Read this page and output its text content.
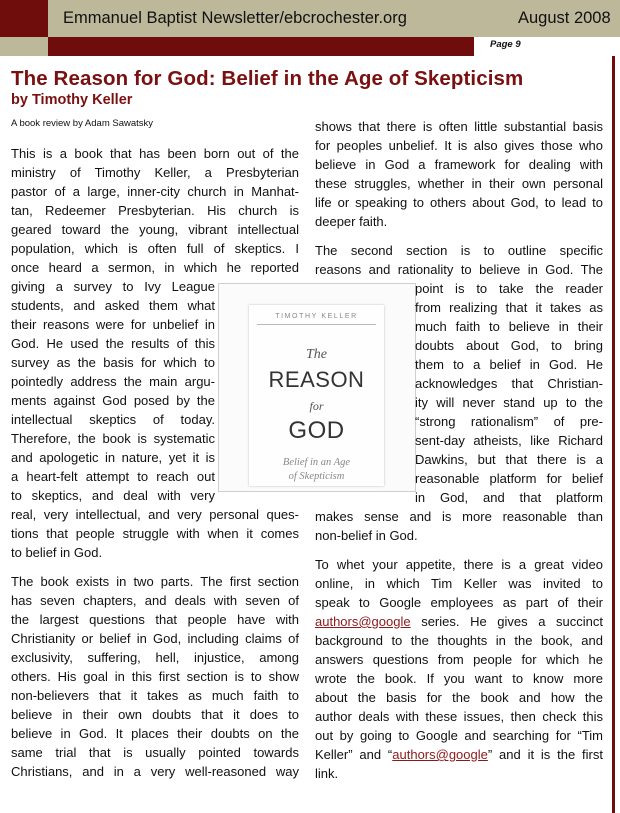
Emmanuel Baptist Newsletter/ebcrochester.org	August 2008
Page 9
The Reason for God: Belief in the Age of Skepticism
by Timothy Keller
A book review by Adam Sawatsky

This is a book that has been born out of the

ministry of Timothy Keller, a Presbyterian

pastor of a large, inner-city church in Manhat-

tan, Redeemer Presbyterian. His church is

geared toward the young, vibrant intellectual

population, which is often full of skeptics. I

once heard a sermon, in which he reported

giving a survey to Ivy League

students, and asked them what

their reasons were for unbelief in

God. He used the results of this

survey as the basis for which to

pointedly address the main argu-

ments against God posed by the

intellectual skeptics of today.

Therefore, the book is systematic

and apologetic in nature, yet it is

a heart-felt attempt to reach out

to skeptics, and deal with very

real, very intellectual, and very personal ques-

tions that people struggle with when it comes

to belief in God.

The book exists in two parts. The first section

has seven chapters, and deals with seven of

the largest questions that people have with

Christianity or belief in God, including claims of

exclusivity, suffering, hell, injustice, among

others. His goal in this first section is to show

non-believers that it takes as much faith to

believe in their own doubts that it does to

believe in God. It places their doubts on the

same trial that is usually pointed towards

Christians, and in a very well-reasoned way

TIMOTHY KELLER
The
REASON
for
GOD
Belief in an Age
of Skepticism

shows that there is often little substantial basis

for peoples unbelief. It is also gives those who

believe in God a framework for dealing with

these struggles, whether in their own personal

life or speaking to others about God, to lead to

deeper faith.

The second section is to outline specific

reasons and rationality to believe in God. The

point is to take the reader

from realizing that it takes as

much faith to believe in their

doubts about God, to bring

them to a belief in God. He

acknowledges that Christian-

ity will never stand up to the

“strong rationalism” of pre-

sent-day atheists, like Richard

Dawkins, but that there is a

reasonable platform for belief

in God, and that platform

makes sense and is more reasonable than

non-belief in God.

To whet your appetite, there is a great video

online, in which Tim Keller was invited to

speak to Google employees as part of their

authors@google series. He gives a succinct

background to the thoughts in the book, and

answers questions from people for which he

wrote the book. If you want to know more

about the basis for the book and how the

author deals with these issues, then check this

out by going to Google and searching for “Tim

Keller” and “authors@google” and it is the first

link.
